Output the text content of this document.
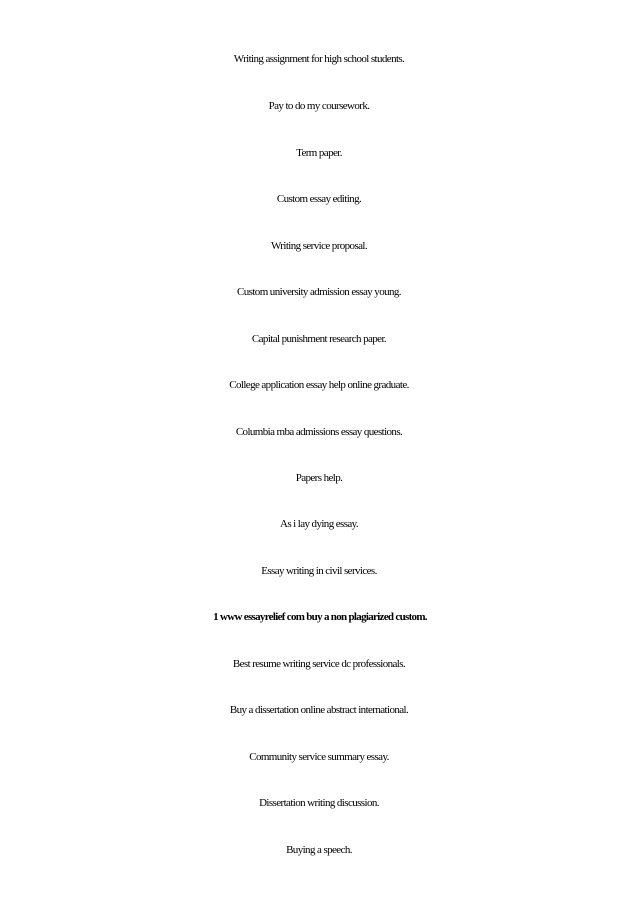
Writing assignment for high school students.
Pay to do my coursework.
Term paper.
Custom essay editing.
Writing service proposal.
Custom university admission essay young.
Capital punishment research paper.
College application essay help online graduate.
Columbia mba admissions essay questions.
Papers help.
As i lay dying essay.
Essay writing in civil services.
1 www essayrelief com buy a non plagiarized custom.
Best resume writing service dc professionals.
Buy a dissertation online abstract international.
Community service summary essay.
Dissertation writing discussion.
Buying a speech.
